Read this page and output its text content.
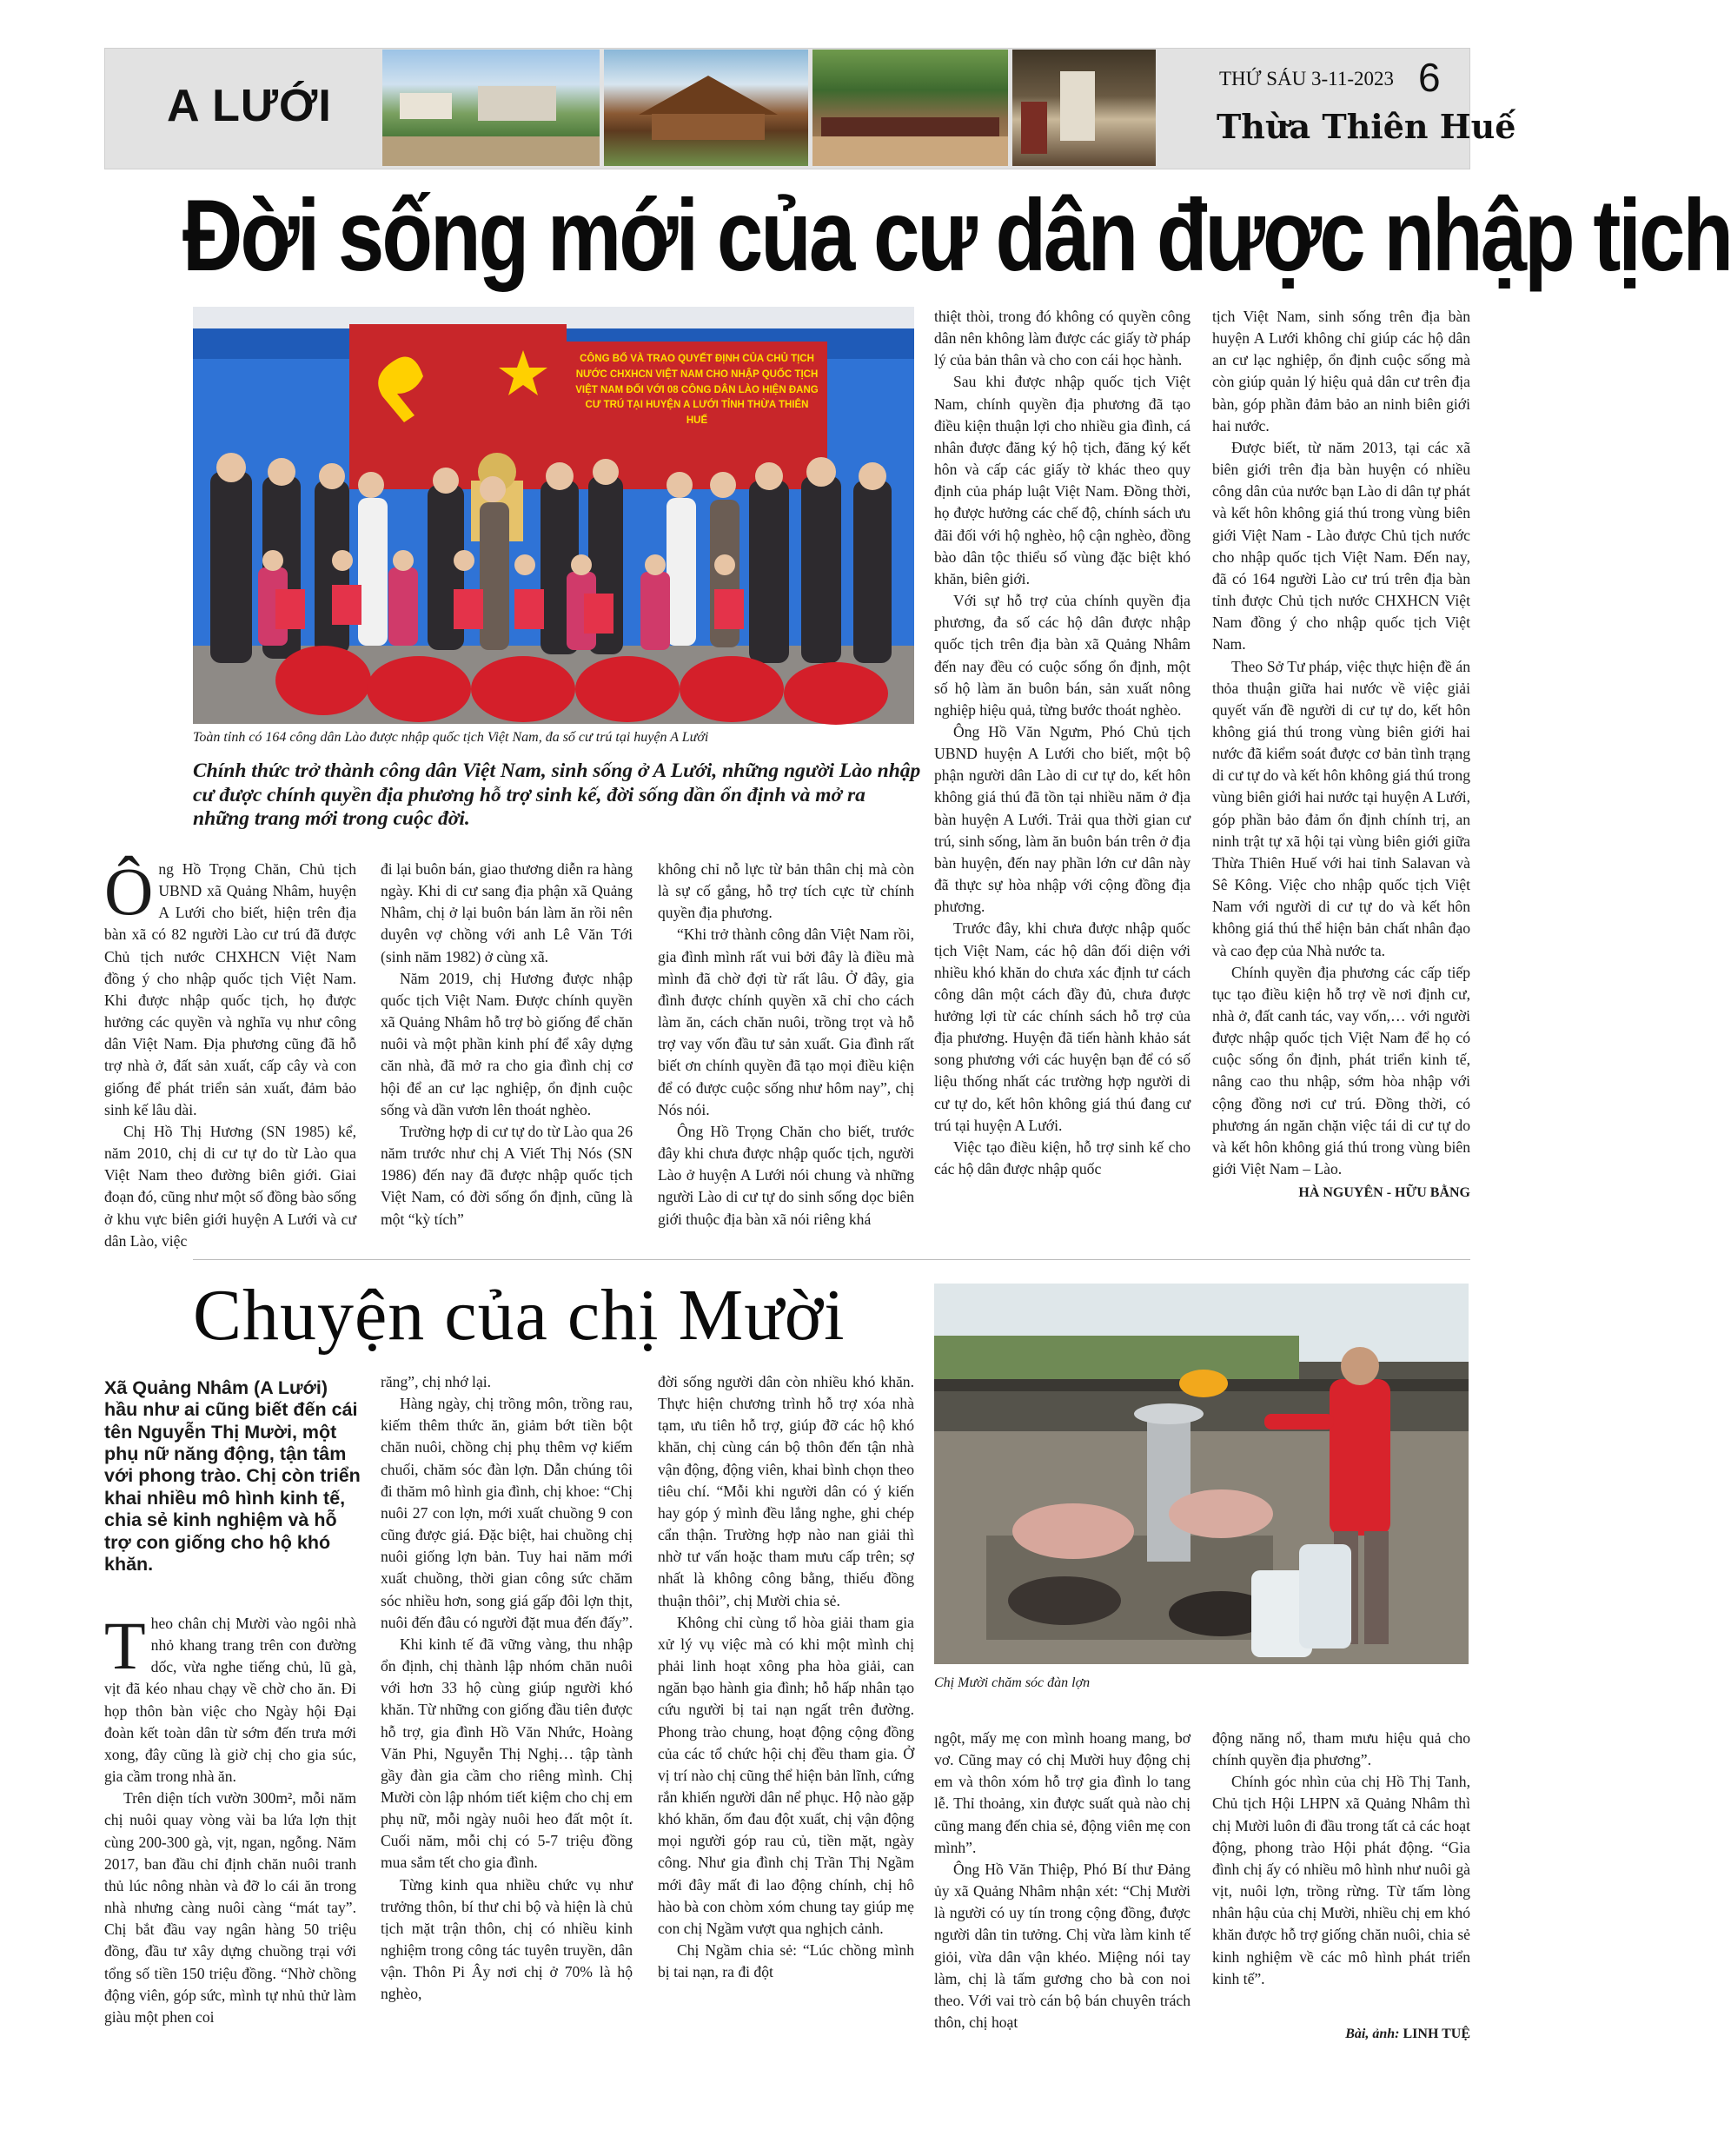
A LƯỚI
THỨ SÁU 3-11-2023 6
Thừa Thiên Huế
Đời sống mới của cư dân được nhập tịch
CÔNG BỐ VÀ TRAO QUYẾT ĐỊNH CỦA CHỦ TỊCH NƯỚC CHXHCN VIỆT NAM CHO NHẬP QUỐC TỊCH VIỆT NAM ĐỐI VỚI 08 CÔNG DÂN LÀO HIỆN ĐANG CƯ TRÚ TẠI HUYỆN A LƯỚI TỈNH THỪA THIÊN HUẾ
Toàn tỉnh có 164 công dân Lào được nhập quốc tịch Việt Nam, đa số cư trú tại huyện A Lưới
Chính thức trở thành công dân Việt Nam, sinh sống ở A Lưới, những người Lào nhập cư được chính quyền địa phương hỗ trợ sinh kế, đời sống dần ổn định và mở ra những trang mới trong cuộc đời.
Ô ng Hồ Trọng Chăn, Chủ tịch UBND xã Quảng Nhâm, huyện A Lưới cho biết, hiện trên địa bàn xã có 82 người Lào cư trú đã được Chủ tịch nước CHXHCN Việt Nam đồng ý cho nhập quốc tịch Việt Nam. Khi được nhập quốc tịch, họ được hưởng các quyền và nghĩa vụ như công dân Việt Nam. Địa phương cũng đã hỗ trợ nhà ở, đất sản xuất, cấp cây và con giống để phát triển sản xuất, đảm bảo sinh kế lâu dài.

Chị Hồ Thị Hương (SN 1985) kể, năm 2010, chị di cư tự do từ Lào qua Việt Nam theo đường biên giới. Giai đoạn đó, cũng như một số đồng bào sống ở khu vực biên giới huyện A Lưới và cư dân Lào, việc

đi lại buôn bán, giao thương diễn ra hàng ngày. Khi di cư sang địa phận xã Quảng Nhâm, chị ở lại buôn bán làm ăn rồi nên duyên vợ chồng với anh Lê Văn Tới (sinh năm 1982) ở cùng xã.

Năm 2019, chị Hương được nhập quốc tịch Việt Nam. Được chính quyền xã Quảng Nhâm hỗ trợ bò giống để chăn nuôi và một phần kinh phí để xây dựng căn nhà, đã mở ra cho gia đình chị cơ hội để an cư lạc nghiệp, ổn định cuộc sống và dần vươn lên thoát nghèo.

Trường hợp di cư tự do từ Lào qua 26 năm trước như chị A Viết Thị Nós (SN 1986) đến nay đã được nhập quốc tịch Việt Nam, có đời sống ổn định, cũng là một “kỳ tích”

không chỉ nỗ lực từ bản thân chị mà còn là sự cố gắng, hỗ trợ tích cực từ chính quyền địa phương.

“Khi trở thành công dân Việt Nam rồi, gia đình mình rất vui bởi đây là điều mà mình đã chờ đợi từ rất lâu. Ở đây, gia đình được chính quyền xã chỉ cho cách làm ăn, cách chăn nuôi, trồng trọt và hỗ trợ vay vốn đầu tư sản xuất. Gia đình rất biết ơn chính quyền đã tạo mọi điều kiện để có được cuộc sống như hôm nay”, chị Nós nói.

Ông Hồ Trọng Chăn cho biết, trước đây khi chưa được nhập quốc tịch, người Lào ở huyện A Lưới nói chung và những người Lào di cư tự do sinh sống dọc biên giới thuộc địa bàn xã nói riêng khá

thiệt thòi, trong đó không có quyền công dân nên không làm được các giấy tờ pháp lý của bản thân và cho con cái học hành.

Sau khi được nhập quốc tịch Việt Nam, chính quyền địa phương đã tạo điều kiện thuận lợi cho nhiều gia đình, cá nhân được đăng ký hộ tịch, đăng ký kết hôn và cấp các giấy tờ khác theo quy định của pháp luật Việt Nam. Đồng thời, họ được hưởng các chế độ, chính sách ưu đãi đối với hộ nghèo, hộ cận nghèo, đồng bào dân tộc thiểu số vùng đặc biệt khó khăn, biên giới.

Với sự hỗ trợ của chính quyền địa phương, đa số các hộ dân được nhập quốc tịch trên địa bàn xã Quảng Nhâm đến nay đều có cuộc sống ổn định, một số hộ làm ăn buôn bán, sản xuất nông nghiệp hiệu quả, từng bước thoát nghèo.

Ông Hồ Văn Ngưm, Phó Chủ tịch UBND huyện A Lưới cho biết, một bộ phận người dân Lào di cư tự do, kết hôn không giá thú đã tồn tại nhiều năm ở địa bàn huyện A Lưới. Trải qua thời gian cư trú, sinh sống, làm ăn buôn bán trên ở địa bàn huyện, đến nay phần lớn cư dân này đã thực sự hòa nhập với cộng đồng địa phương.

Trước đây, khi chưa được nhập quốc tịch Việt Nam, các hộ dân đối diện với nhiều khó khăn do chưa xác định tư cách công dân một cách đầy đủ, chưa được hưởng lợi từ các chính sách hỗ trợ của địa phương. Huyện đã tiến hành khảo sát song phương với các huyện bạn để có số liệu thống nhất các trường hợp người di cư tự do, kết hôn không giá thú đang cư trú tại huyện A Lưới.

Việc tạo điều kiện, hỗ trợ sinh kế cho các hộ dân được nhập quốc

tịch Việt Nam, sinh sống trên địa bàn huyện A Lưới không chỉ giúp các hộ dân an cư lạc nghiệp, ổn định cuộc sống mà còn giúp quản lý hiệu quả dân cư trên địa bàn, góp phần đảm bảo an ninh biên giới hai nước.

Được biết, từ năm 2013, tại các xã biên giới trên địa bàn huyện có nhiều công dân của nước bạn Lào di dân tự phát và kết hôn không giá thú trong vùng biên giới Việt Nam - Lào được Chủ tịch nước cho nhập quốc tịch Việt Nam. Đến nay, đã có 164 người Lào cư trú trên địa bàn tỉnh được Chủ tịch nước CHXHCN Việt Nam đồng ý cho nhập quốc tịch Việt Nam.

Theo Sở Tư pháp, việc thực hiện đề án thỏa thuận giữa hai nước về việc giải quyết vấn đề người di cư tự do, kết hôn không giá thú trong vùng biên giới hai nước đã kiểm soát được cơ bản tình trạng di cư tự do và kết hôn không giá thú trong vùng biên giới hai nước tại huyện A Lưới, góp phần bảo đảm ổn định chính trị, an ninh trật tự xã hội tại vùng biên giới giữa Thừa Thiên Huế với hai tỉnh Salavan và Sê Kông. Việc cho nhập quốc tịch Việt Nam với người di cư tự do và kết hôn không giá thú thể hiện bản chất nhân đạo và cao đẹp của Nhà nước ta.

Chính quyền địa phương các cấp tiếp tục tạo điều kiện hỗ trợ về nơi định cư, nhà ở, đất canh tác, vay vốn,… với người được nhập quốc tịch Việt Nam để họ có cuộc sống ổn định, phát triển kinh tế, nâng cao thu nhập, sớm hòa nhập với cộng đồng nơi cư trú. Đồng thời, có phương án ngăn chặn việc tái di cư tự do và kết hôn không giá thú trong vùng biên giới Việt Nam – Lào.

HÀ NGUYÊN - HỮU BẰNG
Chuyện của chị Mười
Xã Quảng Nhâm (A Lưới) hầu như ai cũng biết đến cái tên Nguyễn Thị Mười, một phụ nữ năng động, tận tâm với phong trào. Chị còn triển khai nhiều mô hình kinh tế, chia sẻ kinh nghiệm và hỗ trợ con giống cho hộ khó khăn.
Chị Mười chăm sóc đàn lợn
T heo chân chị Mười vào ngôi nhà nhỏ khang trang trên con đường dốc, vừa nghe tiếng chủ, lũ gà, vịt đã kéo nhau chạy về chờ cho ăn. Đi họp thôn bàn việc cho Ngày hội Đại đoàn kết toàn dân từ sớm đến trưa mới xong, đây cũng là giờ chị cho gia súc, gia cầm trong nhà ăn.

Trên diện tích vườn 300m², mỗi năm chị nuôi quay vòng vài ba lứa lợn thịt cùng 200-300 gà, vịt, ngan, ngỗng. Năm 2017, ban đầu chỉ định chăn nuôi tranh thủ lúc nông nhàn và đỡ lo cái ăn trong nhà nhưng càng nuôi càng “mát tay”. Chị bắt đầu vay ngân hàng 50 triệu đồng, đầu tư xây dựng chuồng trại với tổng số tiền 150 triệu đồng. “Nhờ chồng động viên, góp sức, mình tự nhủ thử làm giàu một phen coi

răng”, chị nhớ lại.

Hàng ngày, chị trồng môn, trồng rau, kiếm thêm thức ăn, giảm bớt tiền bột chăn nuôi, chồng chị phụ thêm vợ kiếm chuối, chăm sóc đàn lợn. Dẫn chúng tôi đi thăm mô hình gia đình, chị khoe: “Chị nuôi 27 con lợn, mới xuất chuồng 9 con cũng được giá. Đặc biệt, hai chuồng chị nuôi giống lợn bản. Tuy hai năm mới xuất chuồng, thời gian công sức chăm sóc nhiều hơn, song giá gấp đôi lợn thịt, nuôi đến đâu có người đặt mua đến đấy”.

Khi kinh tế đã vững vàng, thu nhập ổn định, chị thành lập nhóm chăn nuôi với hơn 33 hộ cùng giúp người khó khăn. Từ những con giống đầu tiên được hỗ trợ, gia đình Hồ Văn Nhức, Hoàng Văn Phi, Nguyễn Thị Nghị… tập tành gầy đàn gia cầm cho riêng mình. Chị Mười còn lập nhóm tiết kiệm cho chị em phụ nữ, mỗi ngày nuôi heo đất một ít. Cuối năm, mỗi chị có 5-7 triệu đồng mua sắm tết cho gia đình.

Từng kinh qua nhiều chức vụ như trưởng thôn, bí thư chi bộ và hiện là chủ tịch mặt trận thôn, chị có nhiều kinh nghiệm trong công tác tuyên truyền, dân vận. Thôn Pi Ây nơi chị ở 70% là hộ nghèo,

đời sống người dân còn nhiều khó khăn. Thực hiện chương trình hỗ trợ xóa nhà tạm, ưu tiên hỗ trợ, giúp đỡ các hộ khó khăn, chị cùng cán bộ thôn đến tận nhà vận động, động viên, khai bình chọn theo tiêu chí. “Mỗi khi người dân có ý kiến hay góp ý mình đều lắng nghe, ghi chép cẩn thận. Trường hợp nào nan giải thì nhờ tư vấn hoặc tham mưu cấp trên; sợ nhất là không công bằng, thiếu đồng thuận thôi”, chị Mười chia sẻ.

Không chỉ cùng tổ hòa giải tham gia xử lý vụ việc mà có khi một mình chị phải linh hoạt xông pha hòa giải, can ngăn bạo hành gia đình; hỗ hấp nhân tạo cứu người bị tai nạn ngất trên đường. Phong trào chung, hoạt động cộng đồng của các tổ chức hội chị đều tham gia. Ở vị trí nào chị cũng thể hiện bản lĩnh, cứng rắn khiến người dân nể phục. Hộ nào gặp khó khăn, ốm đau đột xuất, chị vận động mọi người góp rau củ, tiền mặt, ngày công. Như gia đình chị Trần Thị Ngầm mới đây mất đi lao động chính, chị hô hào bà con chòm xóm chung tay giúp mẹ con chị Ngầm vượt qua nghịch cảnh.

Chị Ngầm chia sẻ: “Lúc chồng mình bị tai nạn, ra đi đột

ngột, mấy mẹ con mình hoang mang, bơ vơ. Cũng may có chị Mười huy động chị em và thôn xóm hỗ trợ gia đình lo tang lễ. Thỉ thoảng, xin được suất quà nào chị cũng mang đến chia sẻ, động viên mẹ con mình”.

Ông Hồ Văn Thiệp, Phó Bí thư Đảng ủy xã Quảng Nhâm nhận xét: “Chị Mười là người có uy tín trong cộng đồng, được người dân tin tưởng. Chị vừa làm kinh tế giỏi, vừa dân vận khéo. Miệng nói tay làm, chị là tấm gương cho bà con noi theo. Với vai trò cán bộ bán chuyên trách thôn, chị hoạt

động năng nổ, tham mưu hiệu quả cho chính quyền địa phương”.

Chính góc nhìn của chị Hồ Thị Tanh, Chủ tịch Hội LHPN xã Quảng Nhâm thì chị Mười luôn đi đầu trong tất cả các hoạt động, phong trào Hội phát động. “Gia đình chị ấy có nhiều mô hình như nuôi gà vịt, nuôi lợn, trồng rừng. Từ tấm lòng nhân hậu của chị Mười, nhiều chị em khó khăn được hỗ trợ giống chăn nuôi, chia sẻ kinh nghiệm về các mô hình phát triển kinh tế”.

Bài, ảnh: LINH TUỆ
